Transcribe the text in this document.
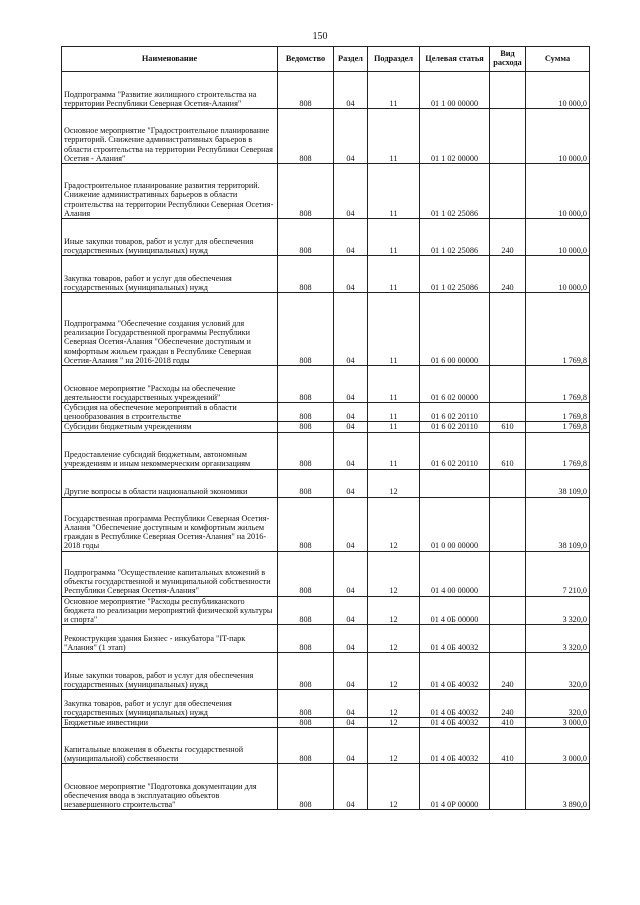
150
Наименование	Ведомство	Раздел	Подраздел	Целевая статья	Вид расхода	Сумма
Подпрограмма "Развитие жилищного строительства на территории Республики Северная Осетия-Алания"	808	04	11	01 1 00 00000		10 000,0
Основное мероприятие "Градостроительное планирование территорий. Снижение административных барьеров в области строительства на территории Республики Северная Осетия - Алания"	808	04	11	01 1 02 00000		10 000,0
Градостроительное планирование развития территорий. Снижение административных барьеров в области строительства на территории Республики Северная Осетия-Алания	808	04	11	01 1 02 25086		10 000,0
Иные закупки товаров, работ и услуг для обеспечения государственных (муниципальных) нужд	808	04	11	01 1 02 25086	240	10 000,0
Закупка товаров, работ и услуг для обеспечения государственных (муниципальных) нужд	808	04	11	01 1 02 25086	240	10 000,0
Подпрограмма "Обеспечение создания условий для реализации Государственной программы Республики Северная Осетия-Алания "Обеспечение доступным и комфортным жильем граждан в Республике Северная Осетия-Алания " на 2016-2018 годы	808	04	11	01 6 00 00000		1 769,8
Основное мероприятие "Расходы на обеспечение деятельности государственных учреждений"	808	04	11	01 6 02 00000		1 769,8
Субсидия на обеспечение мероприятий в области ценообразования в строительстве	808	04	11	01 6 02 20110		1 769,8
Субсидии бюджетным учреждениям	808	04	11	01 6 02 20110	610	1 769,8
Предоставление субсидий бюджетным, автономным учреждениям и иным некоммерческим организациям	808	04	11	01 6 02 20110	610	1 769,8
Другие вопросы в области национальной экономики	808	04	12			38 109,0
Государственная программа Республики Северная Осетия-Алания "Обеспечение доступным и комфортным жильем граждан в Республике Северная Осетия-Алания" на 2016-2018 годы	808	04	12	01 0 00 00000		38 109,0
Подпрограмма "Осуществление капитальных вложений в объекты государственной и муниципальной собственности Республики Северная Осетия-Алания"	808	04	12	01 4 00 00000		7 210,0
Основное мероприятие "Расходы республиканского бюджета по реализации мероприятий физической культуры и спорта"	808	04	12	01 4 0Б 00000		3 320,0
Реконструкция здания Бизнес - инкубатора "IT-парк "Алания" (1 этап)	808	04	12	01 4 0Б 40032		3 320,0
Иные закупки товаров, работ и услуг для обеспечения государственных (муниципальных) нужд	808	04	12	01 4 0Б 40032	240	320,0
Закупка товаров, работ и услуг для обеспечения государственных (муниципальных) нужд	808	04	12	01 4 0Б 40032	240	320,0
Бюджетные инвестиции	808	04	12	01 4 0Б 40032	410	3 000,0
Капитальные вложения в объекты государственной (муниципальной) собственности	808	04	12	01 4 0Б 40032	410	3 000,0
Основное мероприятие "Подготовка документации для обеспечения ввода в эксплуатацию объектов незавершенного строительства"	808	04	12	01 4 0Р 00000		3 890,0
